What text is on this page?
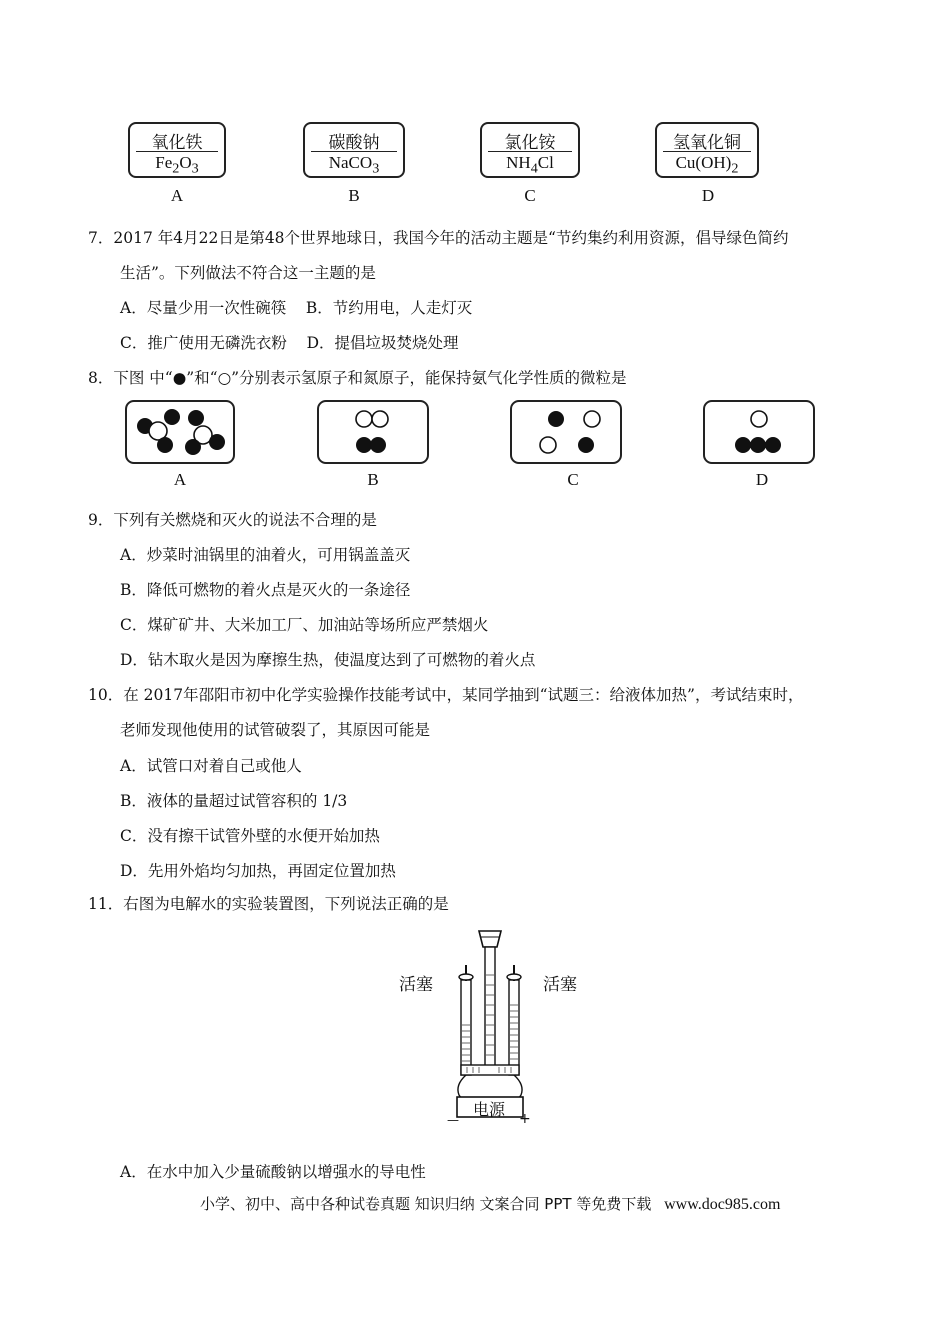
氧化铁
$Fe_2O_3$
A
碳酸钠
NaCO$_3$
B
氯化铵
$NH_4Cl$
C
氢氧化铜
$Cu(OH)_2$
D
7．2017 年4月22日是第48个世界地球日，我国今年的活动主题是“节约集约利用资源，倡导绿色简约
生活”。下列做法不符合这一主题的是
A．尽量少用一次性碗筷    B．节约用电，人走灯灭
C．推广使用无磷洗衣粉    D．提倡垃圾焚烧处理
8．下图 中“●”和“○”分别表示氢原子和氮原子，能保持氨气化学性质的微粒是
A	B	C	D
9．下列有关燃烧和灭火的说法不合理的是
A．炒菜时油锅里的油着火，可用锅盖盖灭
B．降低可燃物的着火点是灭火的一条途径
C．煤矿矿井、大米加工厂、加油站等场所应严禁烟火
D．钻木取火是因为摩擦生热，使温度达到了可燃物的着火点
10．在 2017年邵阳市初中化学实验操作技能考试中，某同学抽到“试题三：给液体加热”，考试结束时，
老师发现他使用的试管破裂了，其原因可能是
A．试管口对着自己或他人
B．液体的量超过试管容积的 1/3
C．没有擦干试管外壁的水便开始加热
D．先用外焰均匀加热，再固定位置加热
11．右图为电解水的实验装置图，下列说法正确的是
活塞	活塞
电源
—	+
A．在水中加入少量硫酸钠以增强水的导电性
小学、初中、高中各种试卷真题 知识归纳 文案合同 PPT 等免费下载 www.doc985.com
